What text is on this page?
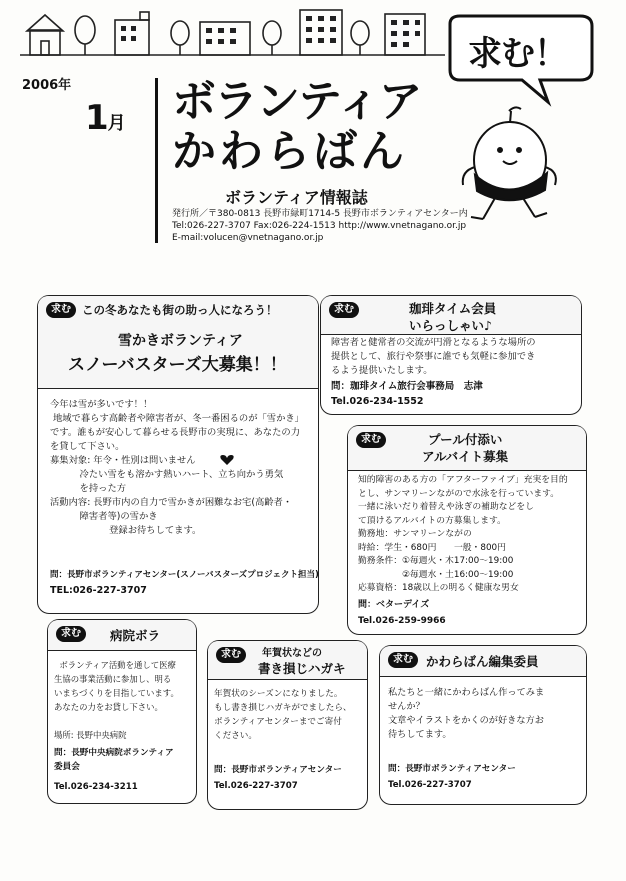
2006年
1月 ボランティア
かわらばん
ボランティア情報誌
発行所／〒380-0813 長野市緑町1714-5 長野市ボランティアセンター内
Tel:026-227-3707 Fax:026-224-1513 http://www.vnetnagano.or.jp
E-mail:volucen@vnetnagano.or.jp
求む！
求む この冬あなたも街の助っ人になろう！
雪かきボランティア
スノーバスターズ大募集！！
今年は雪が多いです！！
地域で暮らす高齢者や障害者が、冬一番困るのが「雪かき」
です。誰もが安心して暮らせる長野市の実現に、あなたの力
を貸して下さい。
募集対象: 年令・性別は問いません
冷たい雪をも溶かす熱いハート、立ち向かう勇気
を持った方
活動内容: 長野市内の自力で雪かきが困難なお宅(高齢者・
障害者等)の雪かき
登録お待ちしてます。
問：長野市ボランティアセンター(スノーバスターズプロジェクト担当)
TEL:026-227-3707
求む	珈琲タイム会員
いらっしゃい♪
障害者と健常者の交流が円滑となるような場所の
提供として、旅行や祭事に誰でも気軽に参加でき
るよう提供いたします。
問：珈琲タイム旅行会事務局　志津
Tel.026-234-1552
求む	プール付添い
アルバイト募集
知的障害のある方の「アフターファイブ」充実を目的
とし、サンマリーンながので水泳を行っています。
一緒に泳いだり着替えや泳ぎの補助などをし
て頂けるアルバイトの方募集します。
勤務地：サンマリーンながの
時給：学生・680円　　一般・800円
勤務条件：①毎週火・木17:00～19:00
　　　　　②毎週水・土16:00～19:00
応募資格：18歳以上の明るく健康な男女
問：ベターデイズ
Tel.026-259-9966
求む	病院ボラ
ボランティア活動を通して医療
生協の事業活動に参加し、明る
いまちづくりを目指しています。
あなたの力をお貸し下さい。

場所: 長野中央病院
問：長野中央病院ボランティア
委員会
Tel.026-234-3211
求む	年賀状などの
書き損じハガキ
年賀状のシーズンになりました。
もし書き損じハガキがでましたら、
ボランティアセンターまでご寄付
ください。
問：長野市ボランティアセンター
Tel.026-227-3707
求む	かわらばん編集委員
私たちと一緒にかわらばん作ってみま
せんか？
文章やイラストをかくのが好きな方お
待ちしてます。
問：長野市ボランティアセンター
Tel.026-227-3707
